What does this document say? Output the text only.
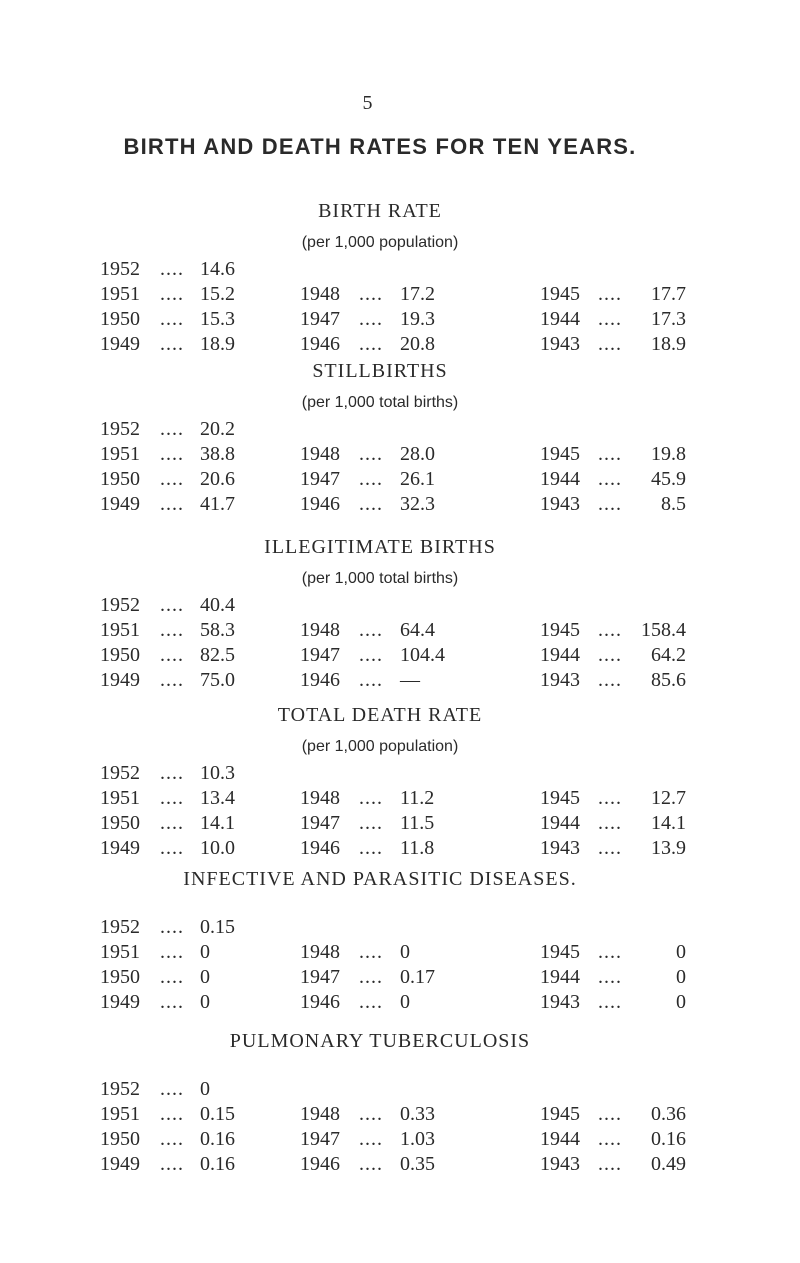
5
BIRTH AND DEATH RATES FOR TEN YEARS.
BIRTH RATE
(per 1,000 population)
1952	.... 14.6
1951	.... 15.2	1948 .... 17.2	1945 ....	17.7
1950	.... 15.3	1947 .... 19.3	1944 ....	17.3
1949	.... 18.9	1946 .... 20.8	1943 ....	18.9
STILLBIRTHS
(per 1,000 total births)
1952	.... 20.2
1951	.... 38.8	1948 .... 28.0	1945 ....	19.8
1950	.... 20.6	1947 .... 26.1	1944 ....	45.9
1949	.... 41.7	1946 .... 32.3	1943 ....	8.5
ILLEGITIMATE BIRTHS
(per 1,000 total births)
1952	.... 40.4
1951	.... 58.3	1948 .... 64.4	1945 .... 158.4
1950	.... 82.5	1947 .... 104.4	1944 ....	64.2
1949	.... 75.0	1946 .... —	1943 ....	85.6
TOTAL DEATH RATE
(per 1,000 population)
1952	.... 10.3
1951	.... 13.4	1948 .... 11.2	1945 ....	12.7
1950	.... 14.1	1947 .... 11.5	1944 ....	14.1
1949	.... 10.0	1946 .... 11.8	1943 ....	13.9
INFECTIVE AND PARASITIC DISEASES.
1952	.... 0.15
1951	.... 0	1948 .... 0	1945 ....	0
1950	.... 0	1947 .... 0.17	1944 ....	0
1949	.... 0	1946 .... 0	1943 ....	0
PULMONARY TUBERCULOSIS
1952	.... 0
1951	.... 0.15	1948 .... 0.33	1945 ....	0.36
1950	.... 0.16	1947 .... 1.03	1944 ....	0.16
1949	.... 0.16	1946 .... 0.35	1943 ....	0.49
